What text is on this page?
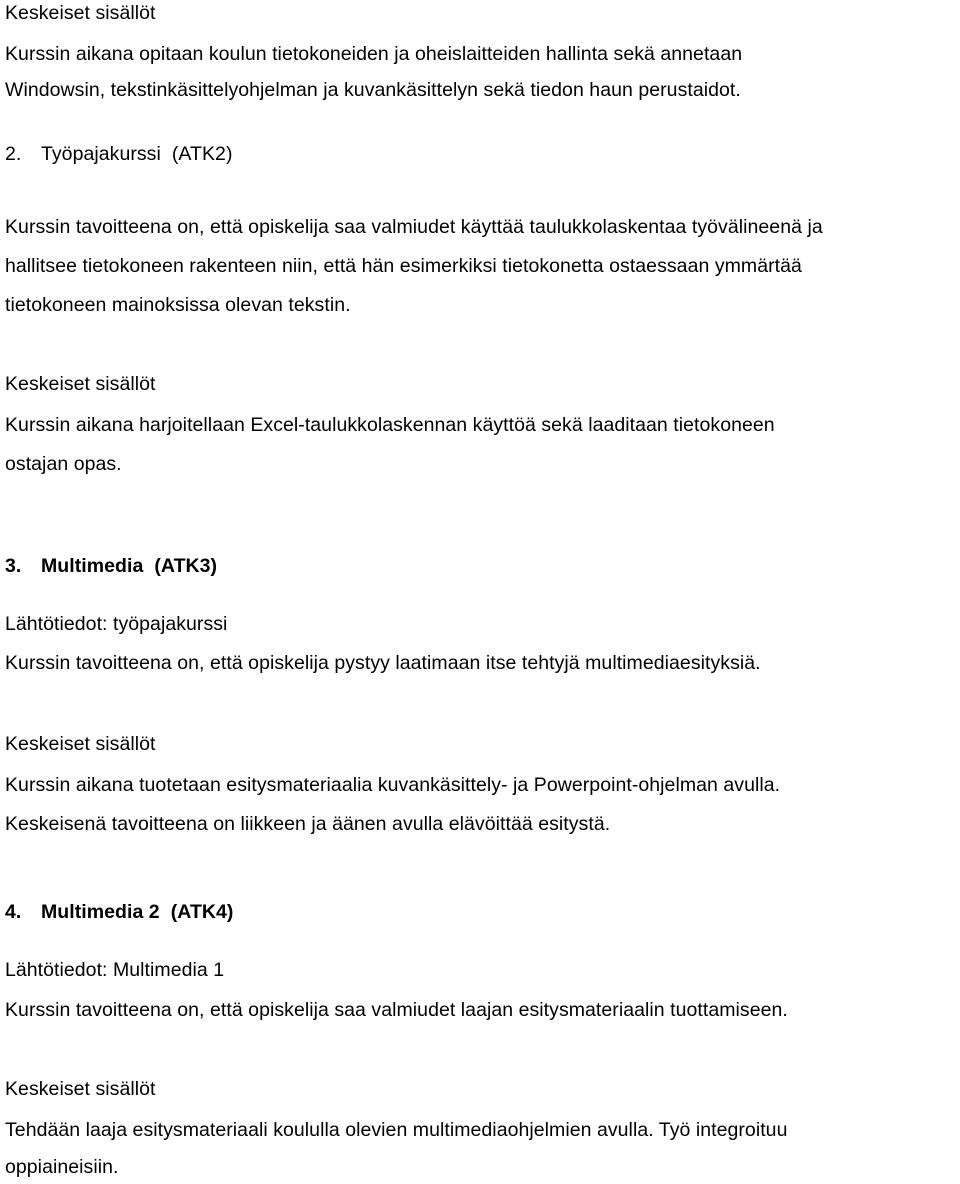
Keskeiset sisällöt
Kurssin aikana opitaan koulun tietokoneiden ja oheislaitteiden hallinta sekä annetaan
Windowsin, tekstinkäsittelyohjelman ja kuvankäsittelyn sekä tiedon haun perustaidot.
2. Työpajakurssi (ATK2)
Kurssin tavoitteena on, että opiskelija saa valmiudet käyttää taulukkolaskentaa työvälineenä ja
hallitsee tietokoneen rakenteen niin, että hän esimerkiksi tietokonetta ostaessaan ymmärtää
tietokoneen mainoksissa olevan tekstin.
Keskeiset sisällöt
Kurssin aikana harjoitellaan Excel-taulukkolaskennan käyttöä sekä laaditaan tietokoneen
ostajan opas.
3. Multimedia (ATK3)
Lähtötiedot: työpajakurssi
Kurssin tavoitteena on, että opiskelija pystyy laatimaan itse tehtyjä multimediaesityksiä.
Keskeiset sisällöt
Kurssin aikana tuotetaan esitysmateriaalia kuvankäsittely- ja Powerpoint-ohjelman avulla.
Keskeisenä tavoitteena on liikkeen ja äänen avulla elävöittää esitystä.
4. Multimedia 2 (ATK4)
Lähtötiedot: Multimedia 1
Kurssin tavoitteena on, että opiskelija saa valmiudet laajan esitysmateriaalin tuottamiseen.
Keskeiset sisällöt
Tehdään laaja esitysmateriaali koululla olevien multimediaohjelmien avulla. Työ integroituu
oppiaineisiin.
